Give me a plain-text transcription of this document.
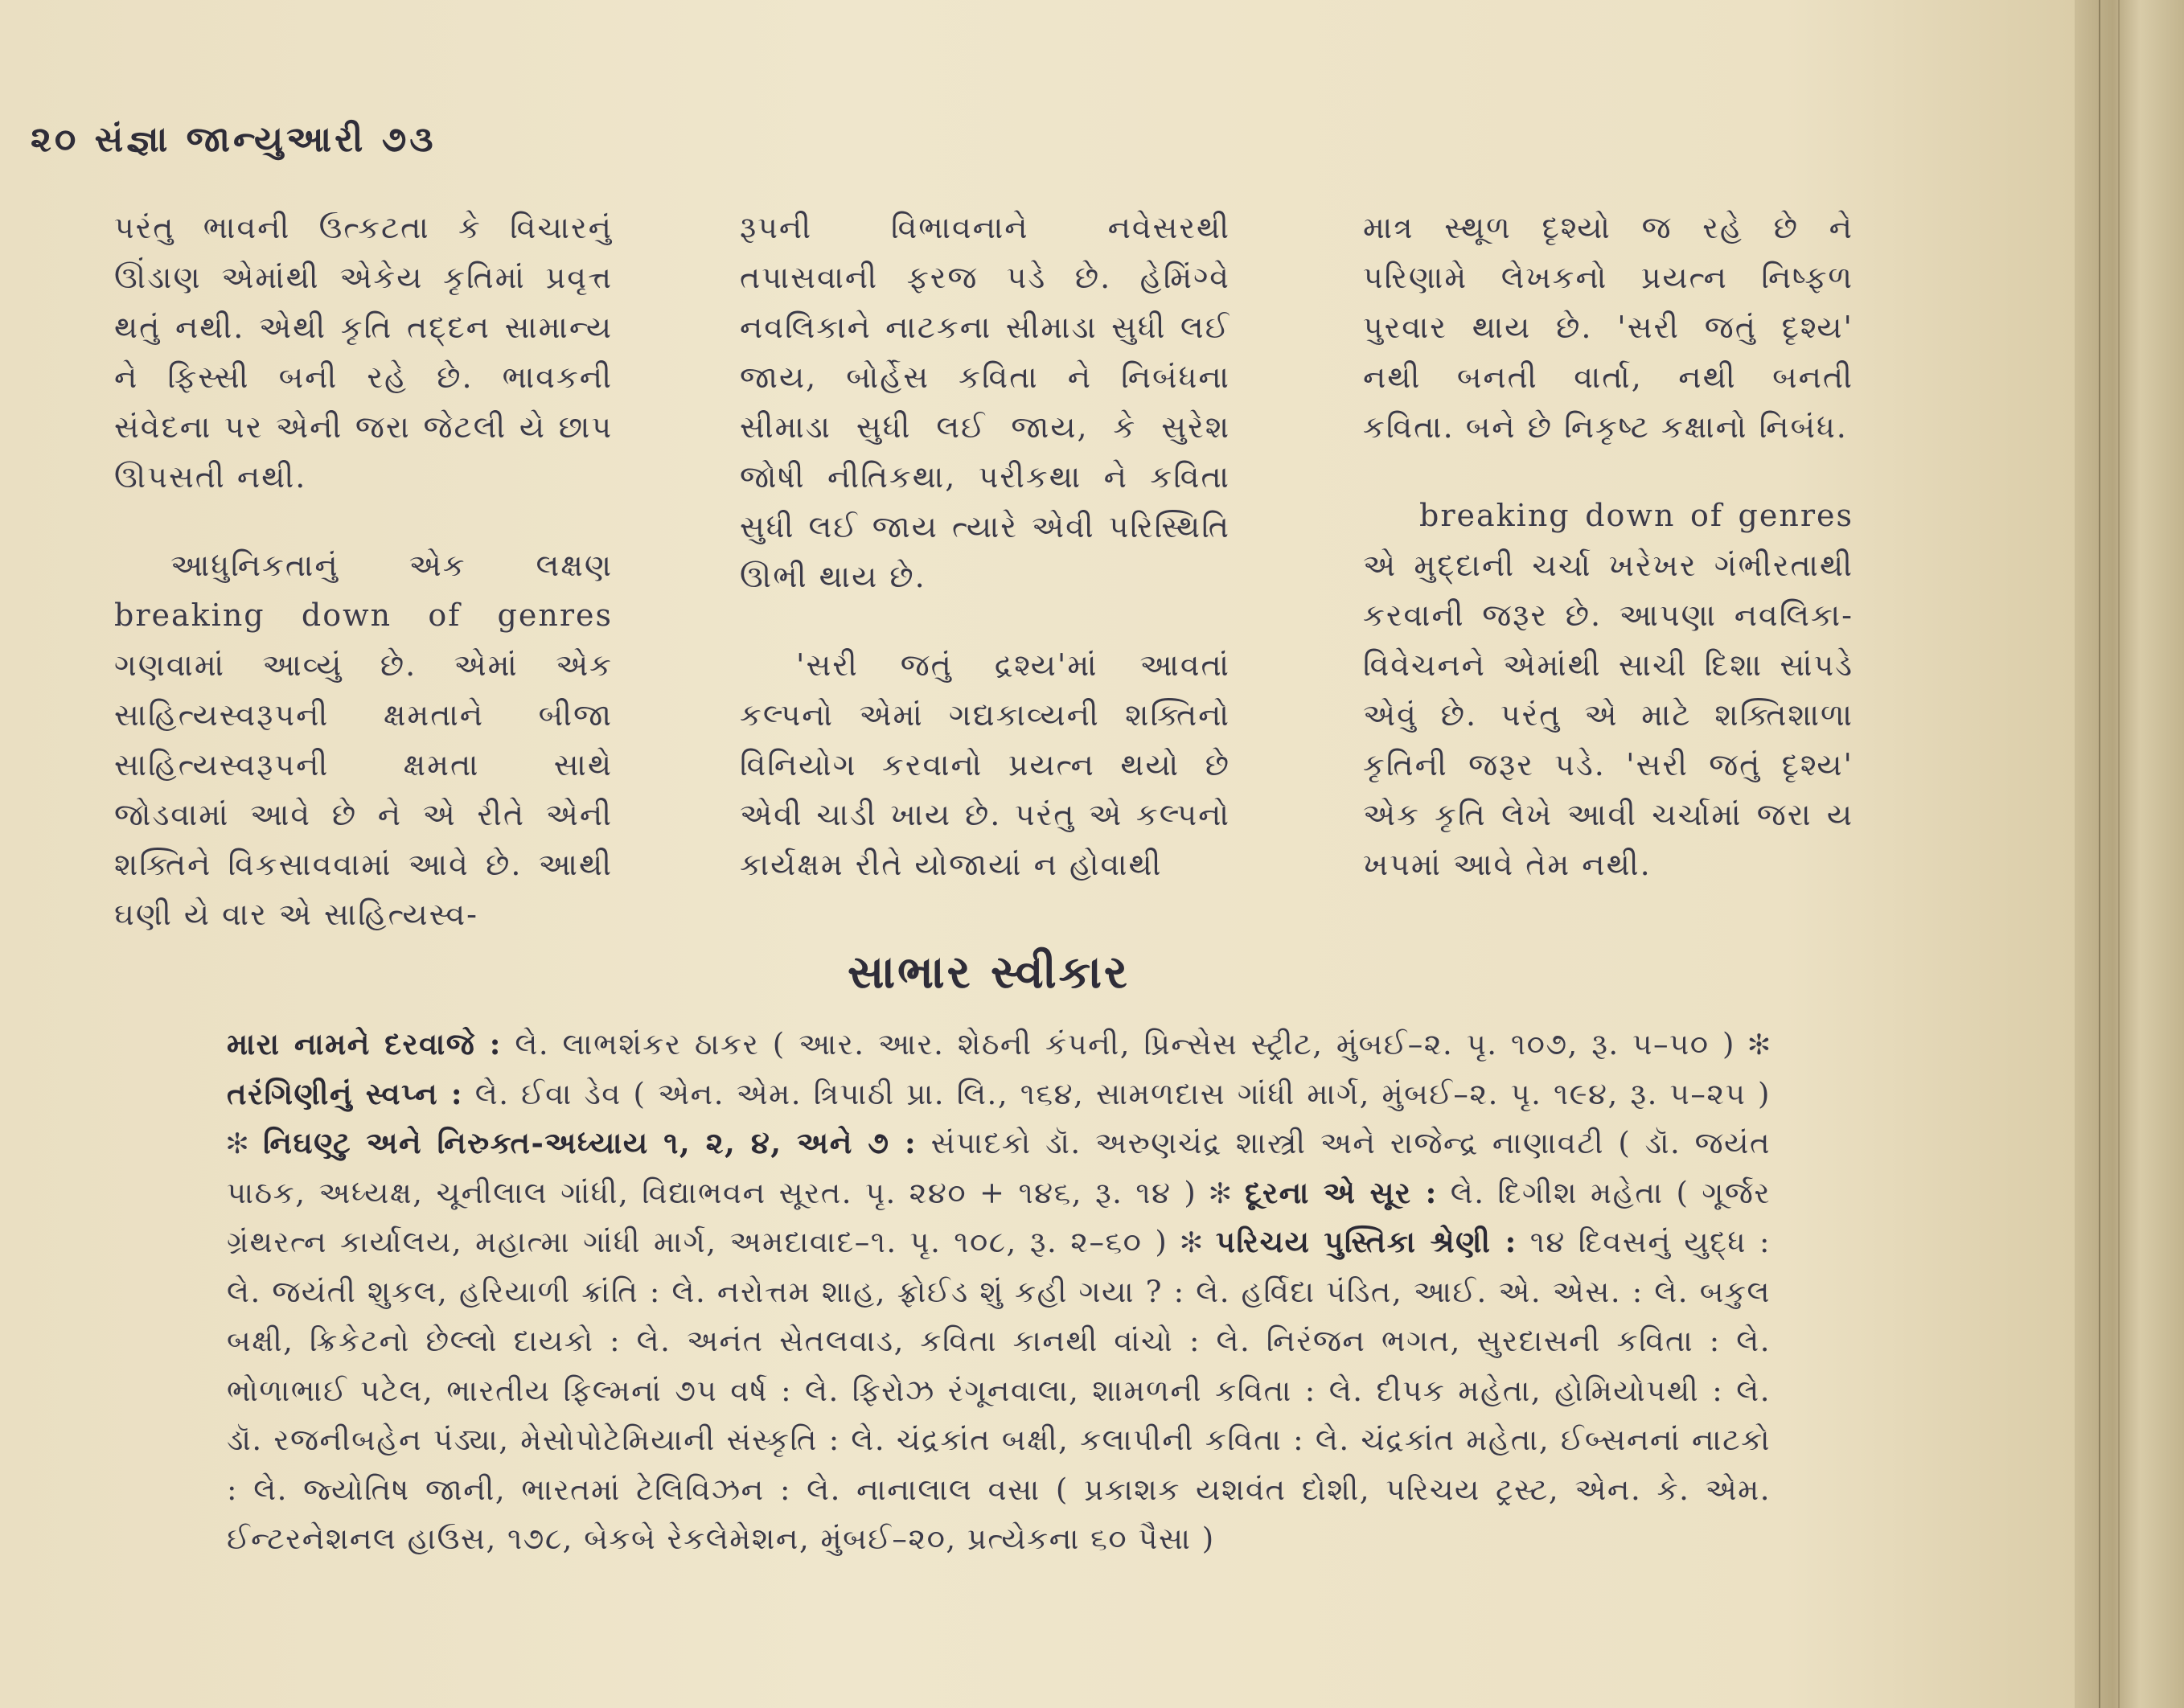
૨૦ સંજ્ઞા જાન્યુઆરી ૭૩

પરંતુ ભાવની ઉત્કટતા કે વિચારનું ઊંડાણ એમાંથી એકેય કૃતિમાં પ્રવૃત્ત થતું નથી. એથી કૃતિ તદ્દન સામાન્ય ને ફિસ્સી બની રહે છે. ભાવકની સંવેદના પર એની જરા જેટલી યે છાપ ઊપસતી નથી.

આધુનિકતાનું એક લક્ષણ breaking down of genres ગણવામાં આવ્યું છે. એમાં એક સાહિત્યસ્વરૂપની ક્ષમતાને બીજા સાહિત્યસ્વરૂપની ક્ષમતા સાથે જોડવામાં આવે છે ને એ રીતે એની શક્તિને વિકસાવવામાં આવે છે. આથી ઘણી યે વાર એ સાહિત્યસ્વ-

રૂપની વિભાવનાને નવેસરથી તપાસવાની ફરજ પડે છે. હેમિંગ્વે નવલિકાને નાટકના સીમાડા સુધી લઈ જાય, બોર્હેસ કવિતા ને નિબંધના સીમાડા સુધી લઈ જાય, કે સુરેશ જોષી નીતિકથા, પરીકથા ને કવિતા સુધી લઈ જાય ત્યારે એવી પરિસ્થિતિ ઊભી થાય છે.

'સરી જતું દ્રશ્ય'માં આવતાં કલ્પનો એમાં ગદ્યકાવ્યની શક્તિનો વિનિયોગ કરવાનો પ્રયત્ન થયો છે એવી ચાડી ખાય છે. પરંતુ એ કલ્પનો કાર્યક્ષમ રીતે યોજાયાં ન હોવાથી

માત્ર સ્થૂળ દૃશ્યો જ રહે છે ને પરિણામે લેખકનો પ્રયત્ન નિષ્ફળ પુરવાર થાય છે. 'સરી જતું દૃશ્ય' નથી બનતી વાર્તા, નથી બનતી કવિતા. બને છે નિકૃષ્ટ કક્ષાનો નિબંધ.

breaking down of genres એ મુદ્દાની ચર્ચા ખરેખર ગંભીરતાથી કરવાની જરૂર છે. આપણા નવલિકા-વિવેચનને એમાંથી સાચી દિશા સાંપડે એવું છે. પરંતુ એ માટે શક્તિશાળા કૃતિની જરૂર પડે. 'સરી જતું દૃશ્ય' એક કૃતિ લેખે આવી ચર્ચામાં જરા ય ખપમાં આવે તેમ નથી.

સાભાર સ્વીકાર
મારા નામને દરવાજે : લે. લાભશંકર ઠાકર ( આર. આર. શેઠની કંપની, પ્રિન્સેસ સ્ટ્રીટ, મુંબઈ–૨. પૃ. ૧૦૭, રૂ. ૫–૫૦ ) ✻ તરંગિણીનું સ્વપ્ન : લે. ઈવા ડેવ ( એન. એમ. ત્રિપાઠી પ્રા. લિ., ૧૬૪, સામળદાસ ગાંધી માર્ગ, મુંબઈ–૨. પૃ. ૧૯૪, રૂ. ૫–૨૫ ) ✻ નિઘણ્ટુ અને નિરુક્ત-અધ્યાય ૧, ૨, ૪, અને ૭ : સંપાદકો ડૉ. અરુણચંદ્ર શાસ્ત્રી અને રાજેન્દ્ર નાણાવટી ( ડૉ. જયંત પાઠક, અધ્યક્ષ, ચૂનીલાલ ગાંધી, વિદ્યાભવન સૂરત. પૃ. ૨૪૦ + ૧૪૬, રૂ. ૧૪ ) ✻ દૂરના એ સૂર : લે. દિગીશ મહેતા ( ગૂર્જર ગ્રંથરત્ન કાર્યાલય, મહાત્મા ગાંધી માર્ગ, અમદાવાદ–૧. પૃ. ૧૦૮, રૂ. ૨–૬૦ ) ✻ પરિચય પુસ્તિકા શ્રેણી : ૧૪ દિવસનું યુદ્ધ : લે. જયંતી શુકલ, હરિયાળી ક્રાંતિ : લે. નરોત્તમ શાહ, ફ્રોઈડ શું કહી ગયા ? : લે. હર્વિદા પંડિત, આઈ. એ. એસ. : લે. બકુલ બક્ષી, ક્રિકેટનો છેલ્લો દાયકો : લે. અનંત સેતલવાડ, કવિતા કાનથી વાંચો : લે. નિરંજન ભગત, સુરદાસની કવિતા : લે. ભોળાભાઈ પટેલ, ભારતીય ફિલ્મનાં ૭૫ વર્ષ : લે. ફિરોઝ રંગૂનવાલા, શામળની કવિતા : લે. દીપક મહેતા, હોમિયોપથી : લે. ડૉ. રજનીબહેન પંડ્યા, મેસોપોટેમિયાની સંસ્કૃતિ : લે. ચંદ્રકાંત બક્ષી, કલાપીની કવિતા : લે. ચંદ્રકાંત મહેતા, ઈબ્સનનાં નાટકો : લે. જ્યોતિષ જાની, ભારતમાં ટેલિવિઝન : લે. નાનાલાલ વસા ( પ્રકાશક યશવંત દોશી, પરિચય ટ્રસ્ટ, એન. કે. એમ. ઈન્ટરનેશનલ હાઉસ, ૧૭૮, બેકબે રેકલેમેશન, મુંબઈ–૨૦, પ્રત્યેકના ૬૦ પૈસા )
